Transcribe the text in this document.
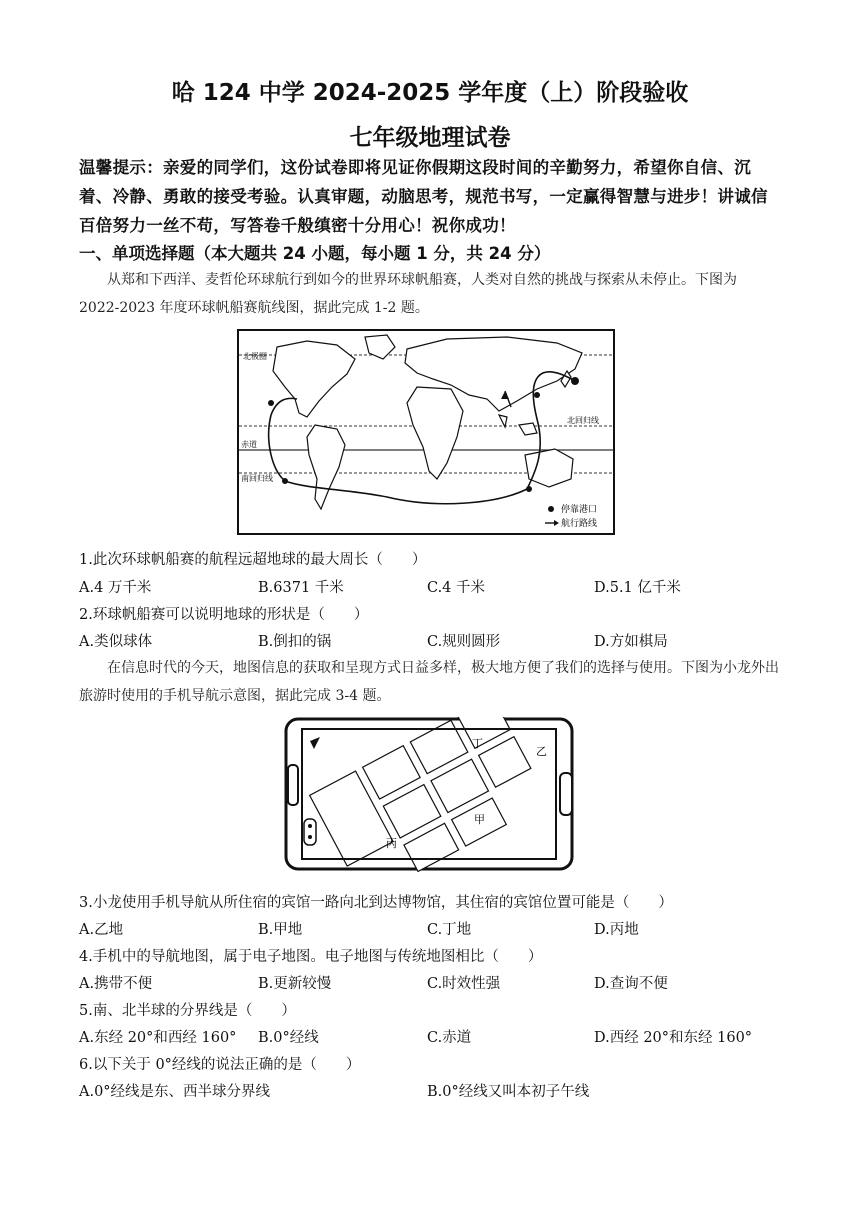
哈 124 中学 2024-2025 学年度（上）阶段验收
七年级地理试卷
温馨提示：亲爱的同学们，这份试卷即将见证你假期这段时间的辛勤努力，希望你自信、沉着、冷静、勇敢的接受考验。认真审题，动脑思考，规范书写，一定赢得智慧与进步！讲诚信百倍努力一丝不苟，写答卷千般缜密十分用心！祝你成功！
一、单项选择题（本大题共 24 小题，每小题 1 分，共 24 分）
从郑和下西洋、麦哲伦环球航行到如今的世界环球帆船赛，人类对自然的挑战与探索从未停止。下图为 2022-2023 年度环球帆船赛航线图，据此完成 1-2 题。
北极圈
北回归线
赤道
南回归线
停靠港口
航行路线
1.此次环球帆船赛的航程远超地球的最大周长（　　）
A.4 万千米	B.6371 千米	C.4 千米	D.5.1 亿千米
2.环球帆船赛可以说明地球的形状是（　　）
A.类似球体	B.倒扣的锅	C.规则圆形	D.方如棋局
在信息时代的今天，地图信息的获取和呈现方式日益多样，极大地方便了我们的选择与使用。下图为小龙外出旅游时使用的手机导航示意图，据此完成 3-4 题。
丁
乙
甲
丙
3.小龙使用手机导航从所住宿的宾馆一路向北到达博物馆，其住宿的宾馆位置可能是（　　）
A.乙地	B.甲地	C.丁地	D.丙地
4.手机中的导航地图，属于电子地图。电子地图与传统地图相比（　　）
A.携带不便	B.更新较慢	C.时效性强	D.查询不便
5.南、北半球的分界线是（　　）
A.东经 20°和西经 160° B.0°经线	C.赤道	D.西经 20°和东经 160°
6.以下关于 0°经线的说法正确的是（　　）
A.0°经线是东、西半球分界线	B.0°经线又叫本初子午线
